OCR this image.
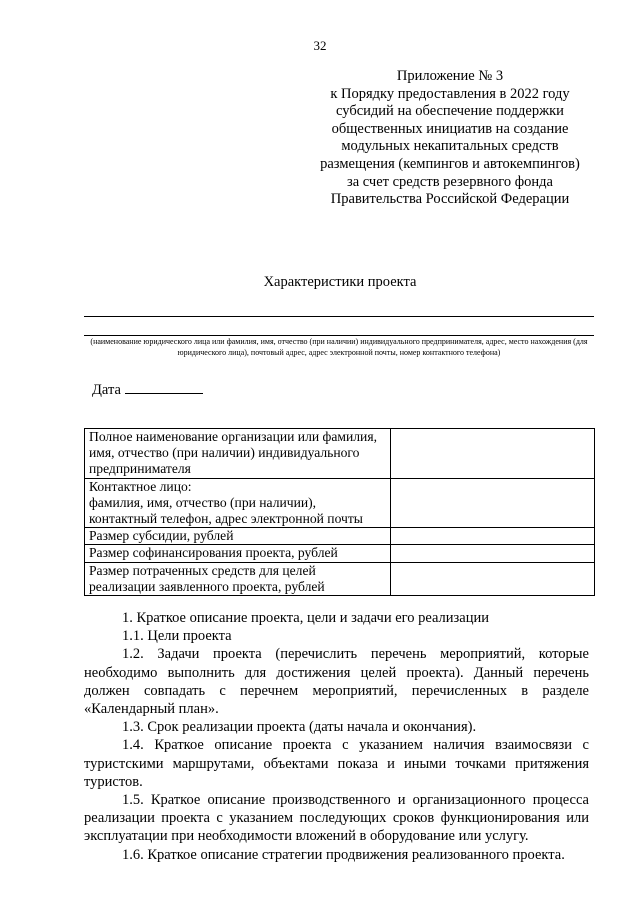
32
Приложение № 3
к Порядку предоставления в 2022 году
субсидий на обеспечение поддержки
общественных инициатив на создание
модульных некапитальных средств
размещения (кемпингов и автокемпингов)
за счет средств резервного фонда
Правительства Российской Федерации
Характеристики проекта
(наименование юридического лица или фамилия, имя, отчество (при наличии) индивидуального предпринимателя, адрес, место нахождения (для юридического лица), почтовый адрес, адрес электронной почты, номер контактного телефона)
Дата
Полное наименование организации или фамилия,
имя, отчество (при наличии) индивидуального
предпринимателя	

Контактное лицо:
фамилия, имя, отчество (при наличии),
контактный телефон, адрес электронной почты	

Размер субсидии, рублей	

Размер софинансирования проекта, рублей	

Размер потраченных средств для целей
реализации заявленного проекта, рублей	

1. Краткое описание проекта, цели и задачи его реализации

1.1. Цели проекта

1.2. Задачи проекта (перечислить перечень мероприятий, которые необходимо выполнить для достижения целей проекта). Данный перечень должен совпадать с перечнем мероприятий, перечисленных в разделе «Календарный план».

1.3. Срок реализации проекта (даты начала и окончания).

1.4. Краткое описание проекта с указанием наличия взаимосвязи с туристскими маршрутами, объектами показа и иными точками притяжения туристов.

1.5. Краткое описание производственного и организационного процесса реализации проекта с указанием последующих сроков функционирования или эксплуатации при необходимости вложений в оборудование или услугу.

1.6. Краткое описание стратегии продвижения реализованного проекта.
